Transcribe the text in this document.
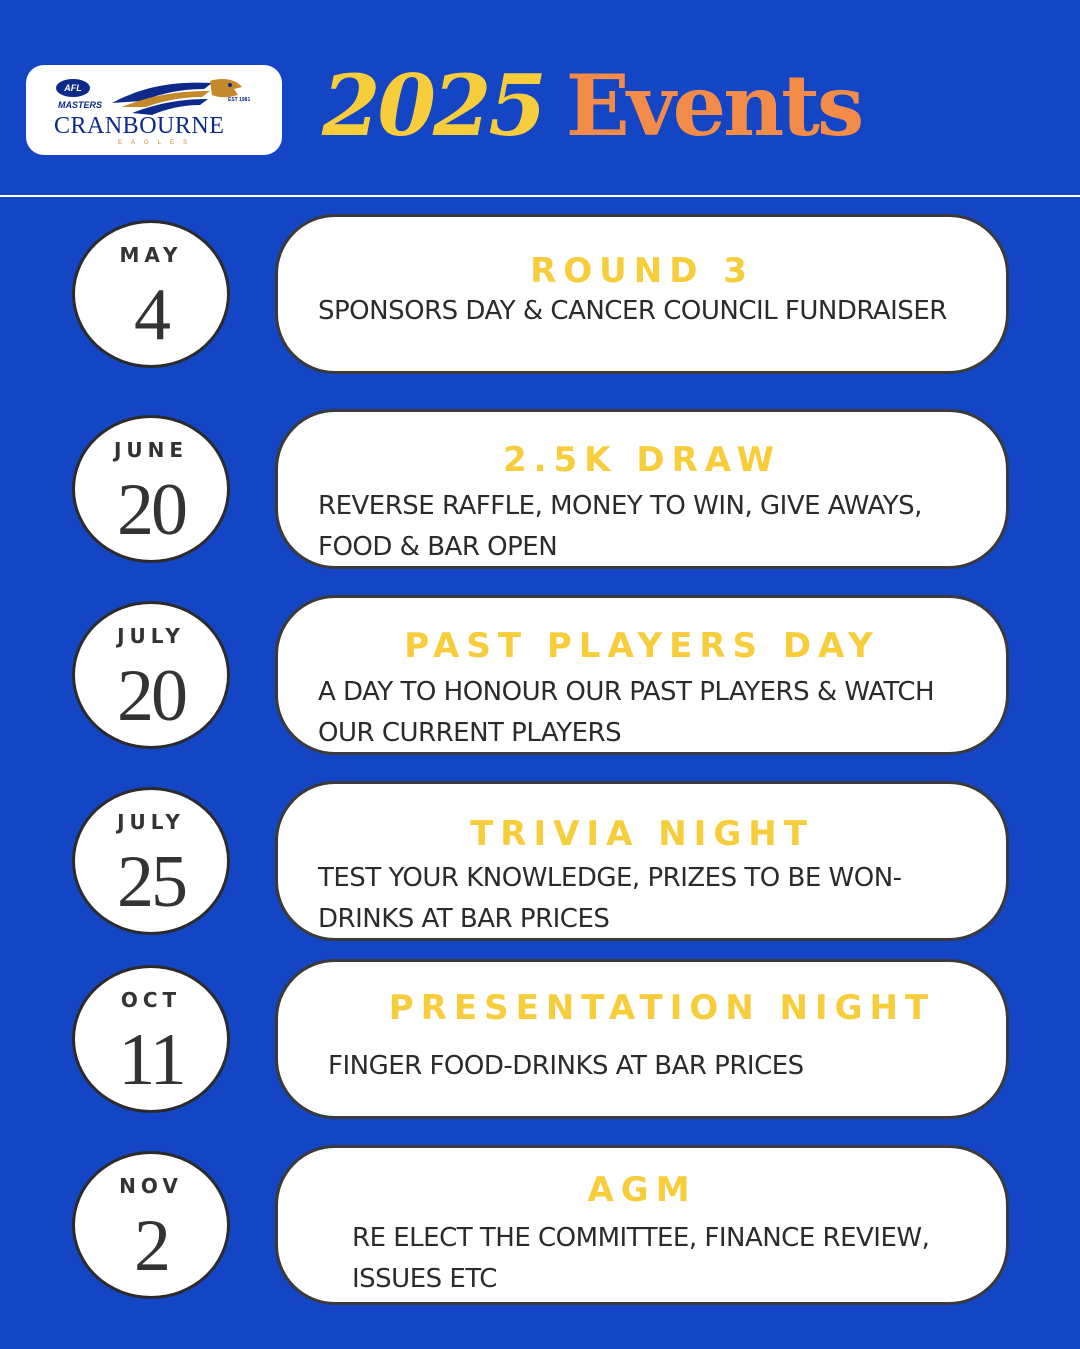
AFL
MASTERS	EST 1981
CRANBOURNE
EAGLES 2025 Events
MAY
4
ROUND 3
SPONSORS DAY & CANCER COUNCIL FUNDRAISER
JUNE
20
2.5K DRAW
REVERSE RAFFLE, MONEY TO WIN, GIVE AWAYS, FOOD & BAR OPEN
JULY
20
PAST PLAYERS DAY
A DAY TO HONOUR OUR PAST PLAYERS & WATCH OUR CURRENT PLAYERS
JULY
25
TRIVIA NIGHT
TEST YOUR KNOWLEDGE, PRIZES TO BE WON-DRINKS AT BAR PRICES
OCT
11
PRESENTATION NIGHT
FINGER FOOD-DRINKS AT BAR PRICES
NOV
2
AGM
RE ELECT THE COMMITTEE, FINANCE REVIEW, ISSUES ETC
